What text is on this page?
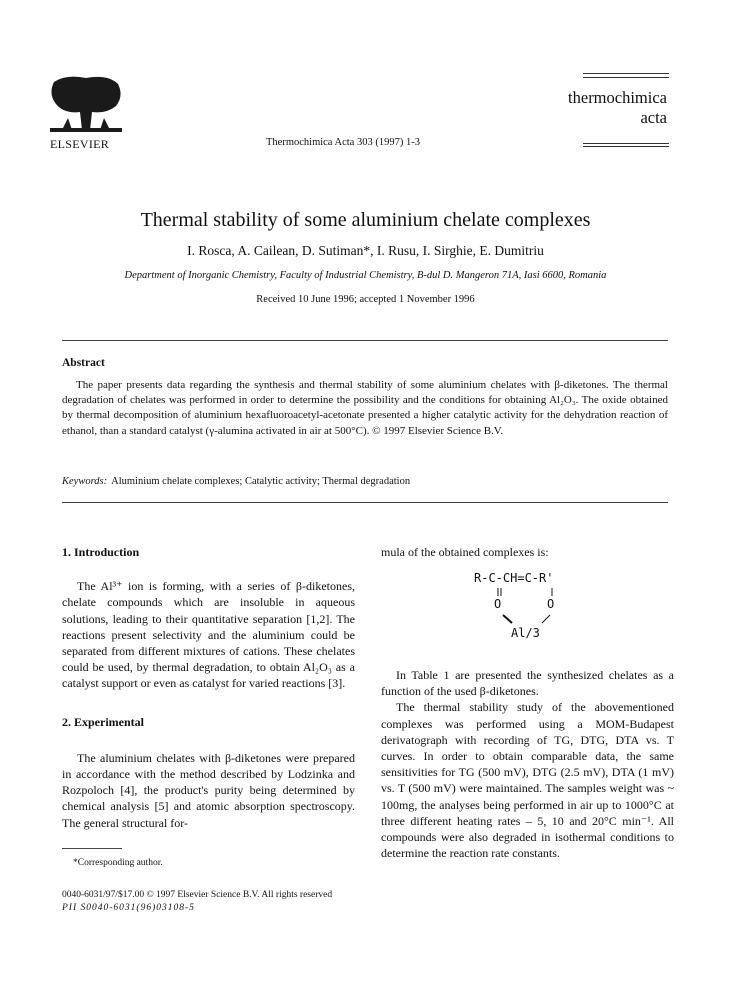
ELSEVIER	Thermochimica Acta 303 (1997) 1-3
thermochimica
acta
Thermal stability of some aluminium chelate complexes
I. Rosca, A. Cailean, D. Sutiman*, I. Rusu, I. Sirghie, E. Dumitriu
Department of Inorganic Chemistry, Faculty of Industrial Chemistry, B-dul D. Mangeron 71A, Iasi 6600, Romania
Received 10 June 1996; accepted 1 November 1996
Abstract
The paper presents data regarding the synthesis and thermal stability of some aluminium chelates with β-diketones. The thermal degradation of chelates was performed in order to determine the possibility and the conditions for obtaining Al₂O₃. The oxide obtained by thermal decomposition of aluminium hexafluoroacetyl-acetonate presented a higher catalytic activity for the dehydration reaction of ethanol, than a standard catalyst (γ-alumina activated in air at 500°C). © 1997 Elsevier Science B.V.
Keywords: Aluminium chelate complexes; Catalytic activity; Thermal degradation
1. Introduction

The Al³⁺ ion is forming, with a series of β-diketones, chelate compounds which are insoluble in aqueous solutions, leading to their quantitative separation [1,2]. The reactions present selectivity and the aluminium could be separated from different mixtures of cations. These chelates could be used, by thermal degradation, to obtain Al₂O₃ as a catalyst support or even as catalyst for varied reactions [3].

2. Experimental

The aluminium chelates with β-diketones were prepared in accordance with the method described by Lodzinka and Rozpoloch [4], the product's purity being determined by chemical analysis [5] and atomic absorption spectroscopy. The general structural for-

mula of the obtained complexes is:
R-C-CH=C-R'
O	O
Al/3

In Table 1 are presented the synthesized chelates as a function of the used β-diketones.

The thermal stability study of the abovementioned complexes was performed using a MOM-Budapest derivatograph with recording of TG, DTG, DTA vs. T curves. In order to obtain comparable data, the same sensitivities for TG (500 mV), DTG (2.5 mV), DTA (1 mV) vs. T (500 mV) were maintained. The samples weight was ~ 100mg, the analyses being performed in air up to 1000°C at three different heating rates – 5, 10 and 20°C min⁻¹. All compounds were also degraded in isothermal conditions to determine the reaction rate constants.

*Corresponding author.
0040-6031/97/$17.00 © 1997 Elsevier Science B.V. All rights reserved
PII S0040-6031(96)03108-5
